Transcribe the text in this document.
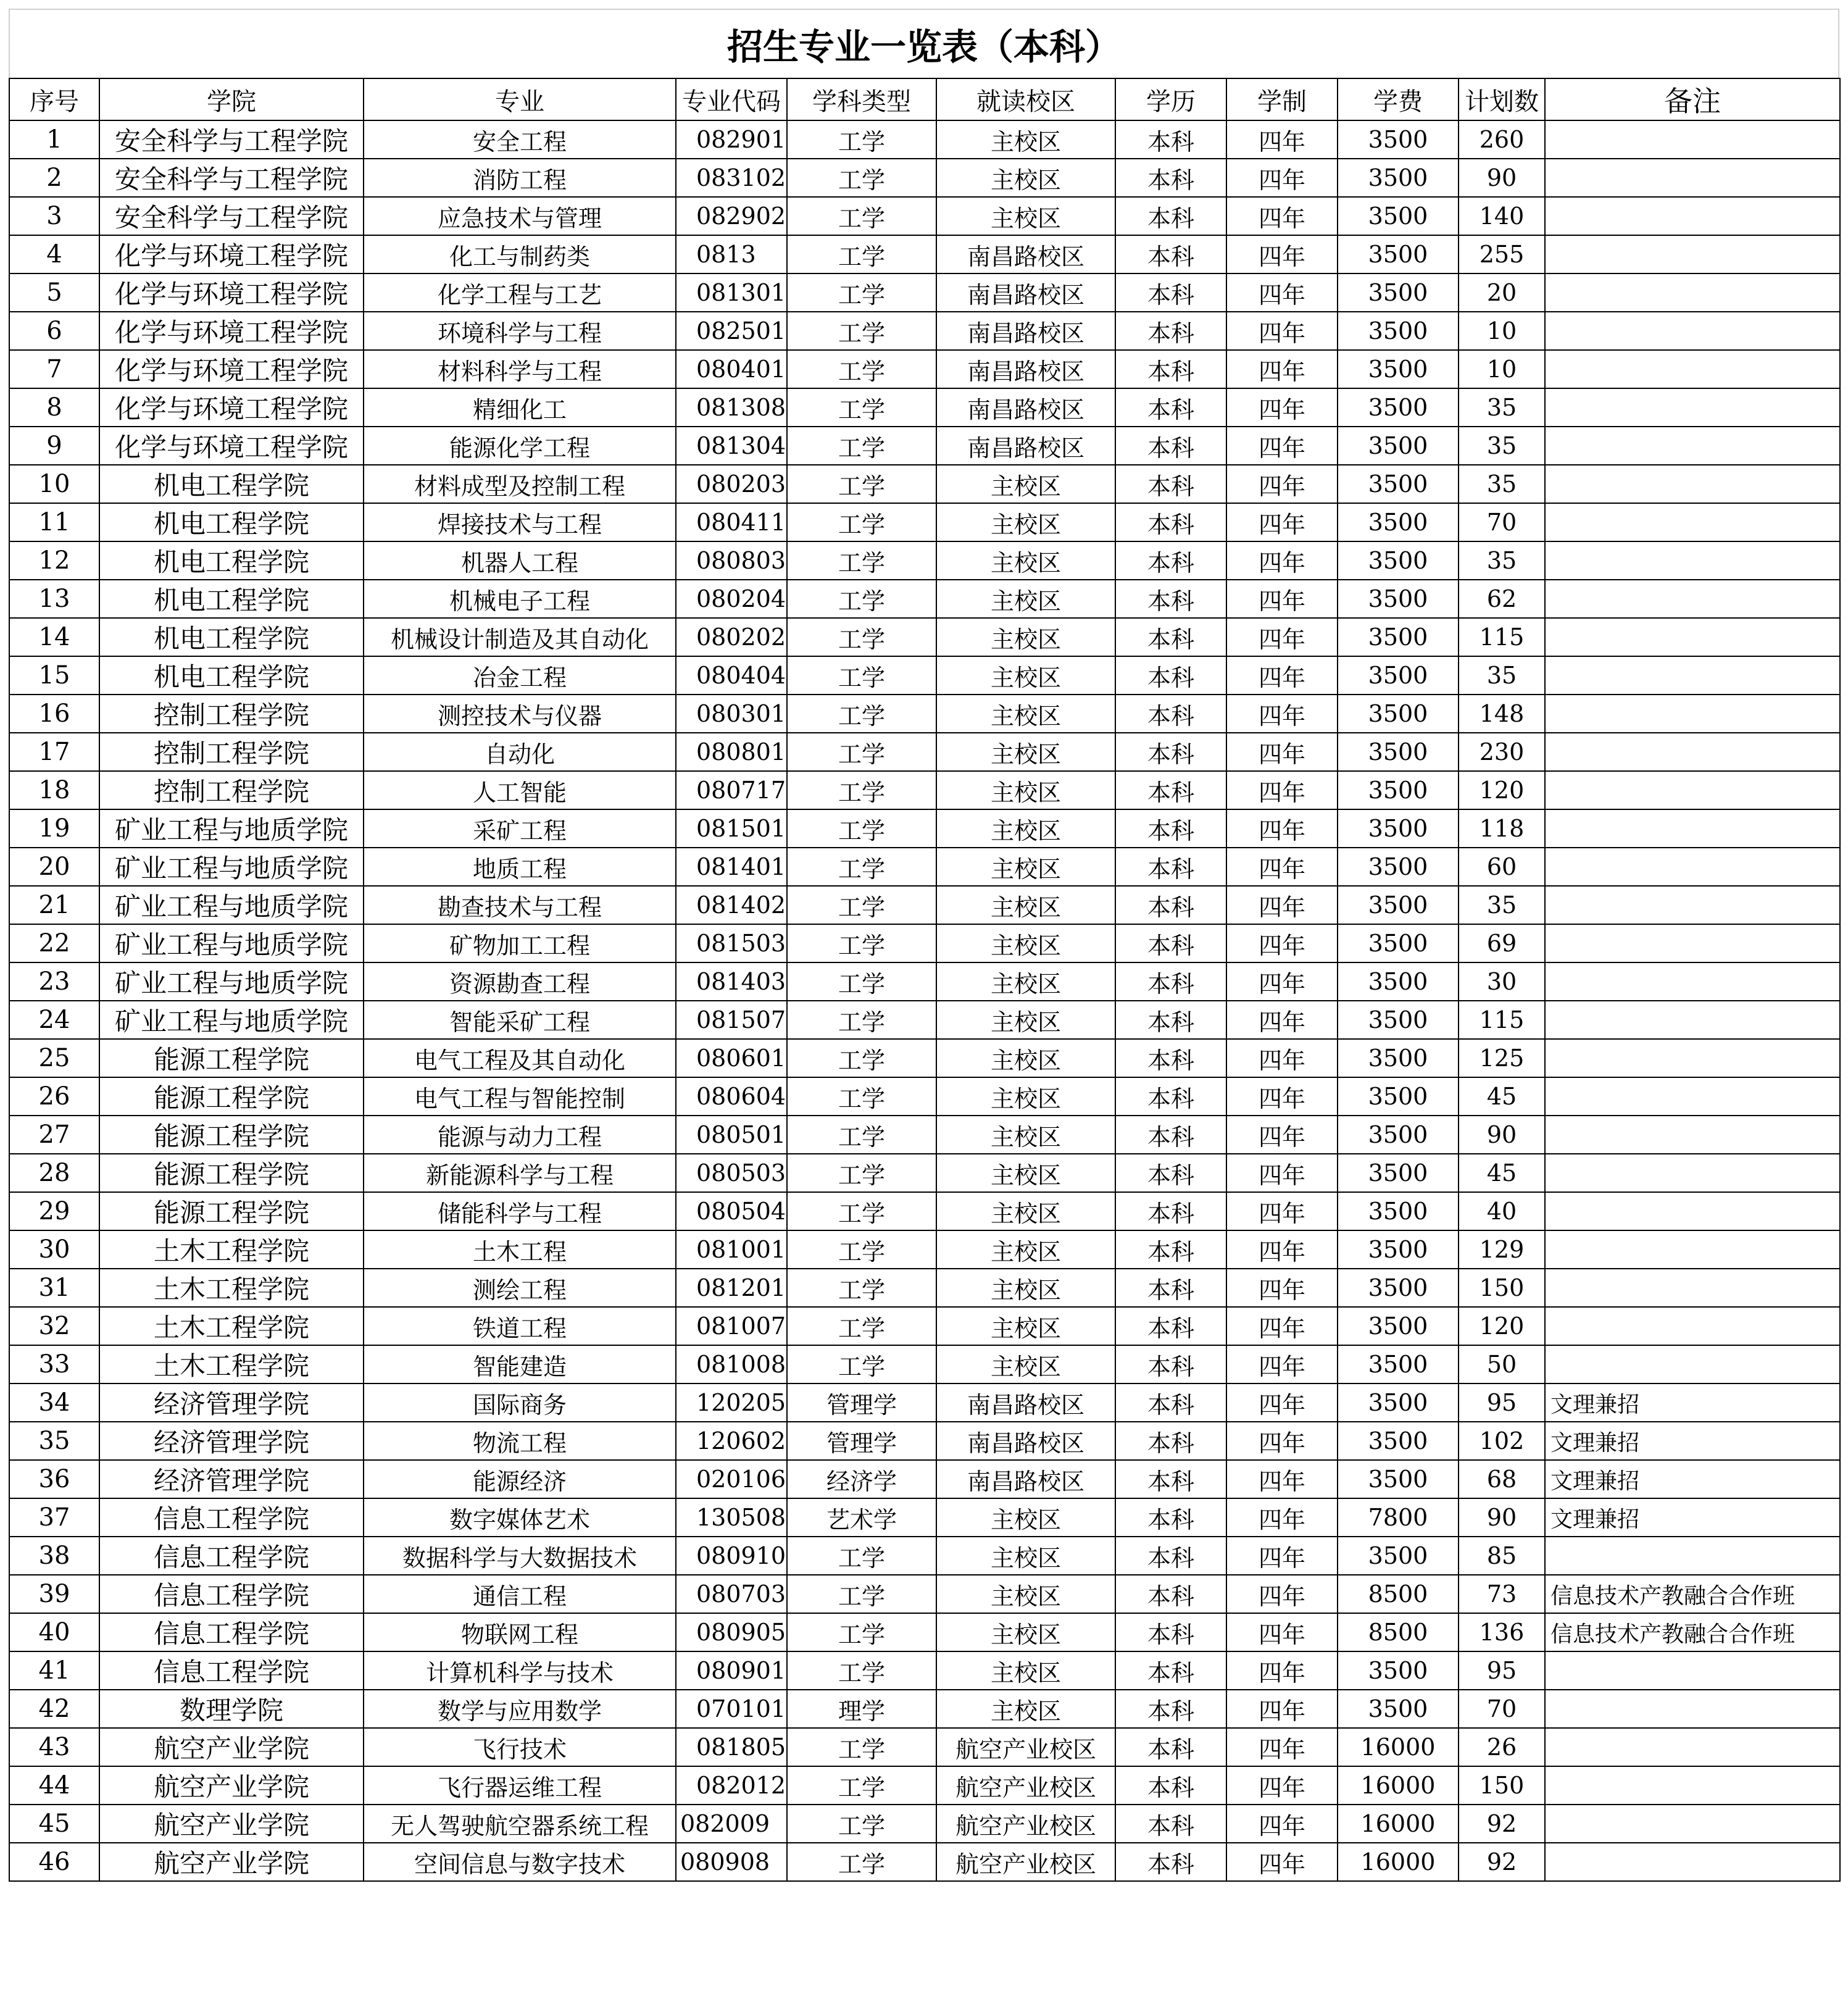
招生专业一览表（本科）
序号	学院	专业	专业代码	学科类型	就读校区	学历	学制	学费	计划数	备注
1	安全科学与工程学院	安全工程	082901	工学	主校区	本科	四年	3500	260	
2	安全科学与工程学院	消防工程	083102	工学	主校区	本科	四年	3500	90	
3	安全科学与工程学院	应急技术与管理	082902	工学	主校区	本科	四年	3500	140	
4	化学与环境工程学院	化工与制药类	0813	工学	南昌路校区	本科	四年	3500	255	
5	化学与环境工程学院	化学工程与工艺	081301	工学	南昌路校区	本科	四年	3500	20	
6	化学与环境工程学院	环境科学与工程	082501	工学	南昌路校区	本科	四年	3500	10	
7	化学与环境工程学院	材料科学与工程	080401	工学	南昌路校区	本科	四年	3500	10	
8	化学与环境工程学院	精细化工	081308	工学	南昌路校区	本科	四年	3500	35	
9	化学与环境工程学院	能源化学工程	081304	工学	南昌路校区	本科	四年	3500	35	
10	机电工程学院	材料成型及控制工程	080203	工学	主校区	本科	四年	3500	35	
11	机电工程学院	焊接技术与工程	080411	工学	主校区	本科	四年	3500	70	
12	机电工程学院	机器人工程	080803	工学	主校区	本科	四年	3500	35	
13	机电工程学院	机械电子工程	080204	工学	主校区	本科	四年	3500	62	
14	机电工程学院	机械设计制造及其自动化	080202	工学	主校区	本科	四年	3500	115	
15	机电工程学院	冶金工程	080404	工学	主校区	本科	四年	3500	35	
16	控制工程学院	测控技术与仪器	080301	工学	主校区	本科	四年	3500	148	
17	控制工程学院	自动化	080801	工学	主校区	本科	四年	3500	230	
18	控制工程学院	人工智能	080717	工学	主校区	本科	四年	3500	120	
19	矿业工程与地质学院	采矿工程	081501	工学	主校区	本科	四年	3500	118	
20	矿业工程与地质学院	地质工程	081401	工学	主校区	本科	四年	3500	60	
21	矿业工程与地质学院	勘查技术与工程	081402	工学	主校区	本科	四年	3500	35	
22	矿业工程与地质学院	矿物加工工程	081503	工学	主校区	本科	四年	3500	69	
23	矿业工程与地质学院	资源勘查工程	081403	工学	主校区	本科	四年	3500	30	
24	矿业工程与地质学院	智能采矿工程	081507	工学	主校区	本科	四年	3500	115	
25	能源工程学院	电气工程及其自动化	080601	工学	主校区	本科	四年	3500	125	
26	能源工程学院	电气工程与智能控制	080604	工学	主校区	本科	四年	3500	45	
27	能源工程学院	能源与动力工程	080501	工学	主校区	本科	四年	3500	90	
28	能源工程学院	新能源科学与工程	080503	工学	主校区	本科	四年	3500	45	
29	能源工程学院	储能科学与工程	080504	工学	主校区	本科	四年	3500	40	
30	土木工程学院	土木工程	081001	工学	主校区	本科	四年	3500	129	
31	土木工程学院	测绘工程	081201	工学	主校区	本科	四年	3500	150	
32	土木工程学院	铁道工程	081007	工学	主校区	本科	四年	3500	120	
33	土木工程学院	智能建造	081008	工学	主校区	本科	四年	3500	50	
34	经济管理学院	国际商务	120205	管理学	南昌路校区	本科	四年	3500	95	文理兼招
35	经济管理学院	物流工程	120602	管理学	南昌路校区	本科	四年	3500	102	文理兼招
36	经济管理学院	能源经济	020106	经济学	南昌路校区	本科	四年	3500	68	文理兼招
37	信息工程学院	数字媒体艺术	130508	艺术学	主校区	本科	四年	7800	90	文理兼招
38	信息工程学院	数据科学与大数据技术	080910	工学	主校区	本科	四年	3500	85	
39	信息工程学院	通信工程	080703	工学	主校区	本科	四年	8500	73	信息技术产教融合合作班
40	信息工程学院	物联网工程	080905	工学	主校区	本科	四年	8500	136	信息技术产教融合合作班
41	信息工程学院	计算机科学与技术	080901	工学	主校区	本科	四年	3500	95	
42	数理学院	数学与应用数学	070101	理学	主校区	本科	四年	3500	70	
43	航空产业学院	飞行技术	081805	工学	航空产业校区	本科	四年	16000	26	
44	航空产业学院	飞行器运维工程	082012	工学	航空产业校区	本科	四年	16000	150	
45	航空产业学院	无人驾驶航空器系统工程	082009	工学	航空产业校区	本科	四年	16000	92	
46	航空产业学院	空间信息与数字技术	080908	工学	航空产业校区	本科	四年	16000	92	
